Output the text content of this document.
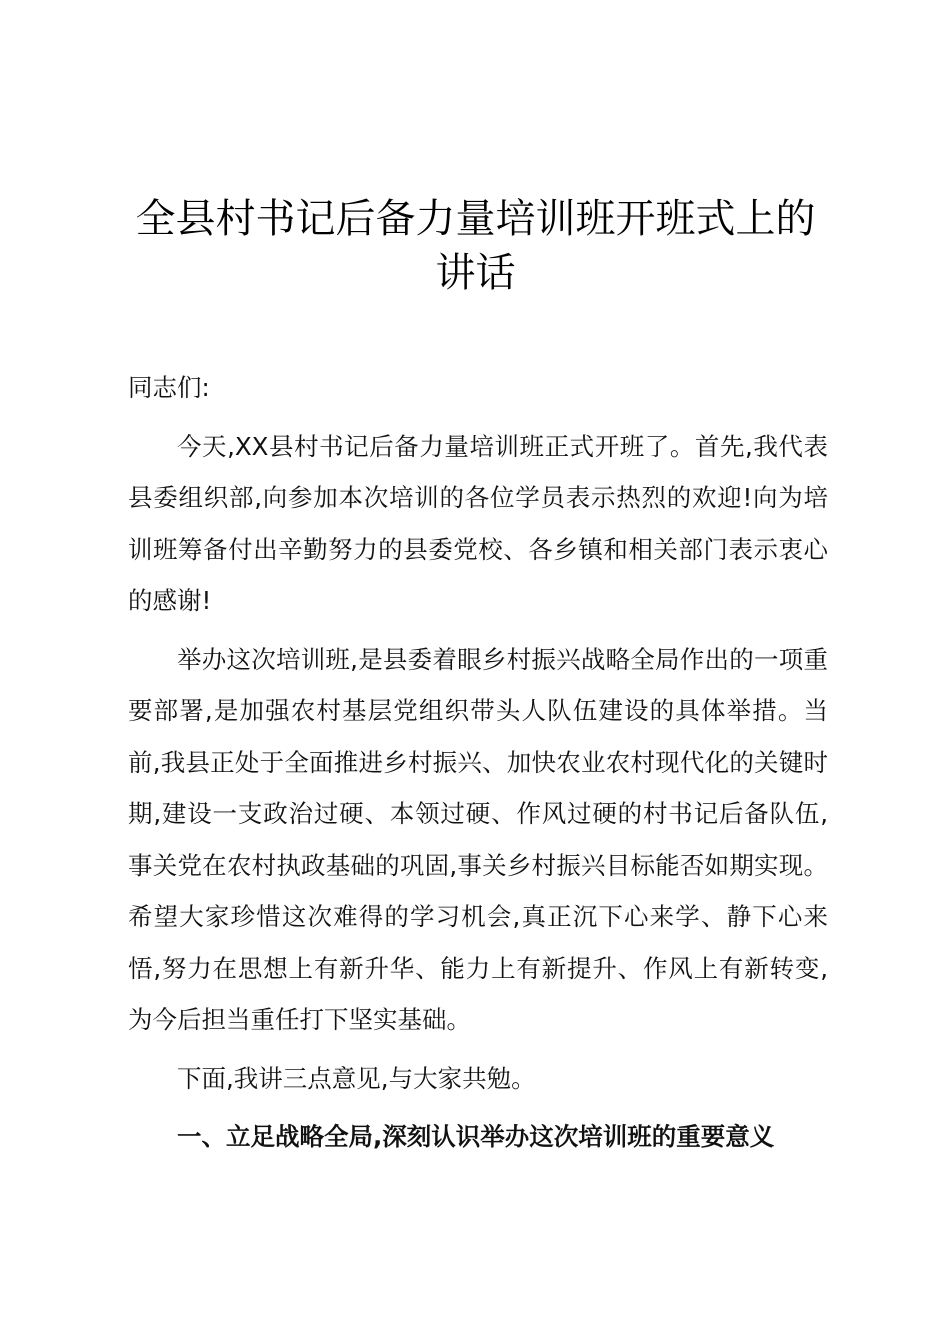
全县村书记后备力量培训班开班式上的讲话

同志们:

今天,XX县村书记后备力量培训班正式开班了。首先,我代表县委组织部,向参加本次培训的各位学员表示热烈的欢迎!向为培训班筹备付出辛勤努力的县委党校、各乡镇和相关部门表示衷心的感谢!

举办这次培训班,是县委着眼乡村振兴战略全局作出的一项重要部署,是加强农村基层党组织带头人队伍建设的具体举措。当前,我县正处于全面推进乡村振兴、加快农业农村现代化的关键时期,建设一支政治过硬、本领过硬、作风过硬的村书记后备队伍,事关党在农村执政基础的巩固,事关乡村振兴目标能否如期实现。希望大家珍惜这次难得的学习机会,真正沉下心来学、静下心来悟,努力在思想上有新升华、能力上有新提升、作风上有新转变,为今后担当重任打下坚实基础。

下面,我讲三点意见,与大家共勉。

一、立足战略全局,深刻认识举办这次培训班的重要意义
